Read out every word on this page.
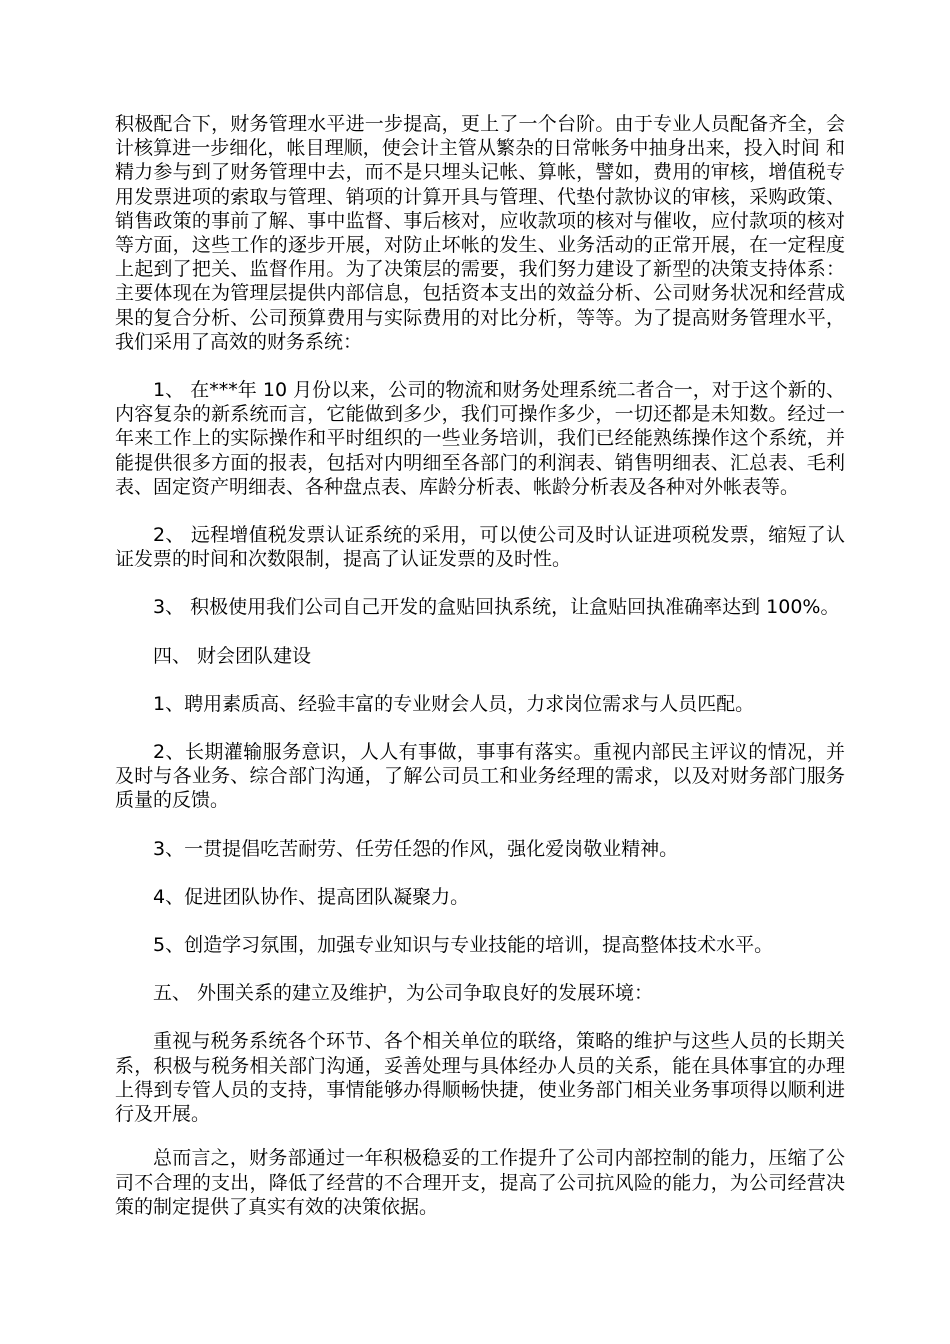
积极配合下，财务管理水平进一步提高，更上了一个台阶。由于专业人员配备齐全，会计核算进一步细化，帐目理顺，使会计主管从繁杂的日常帐务中抽身出来，投入时间 和精力参与到了财务管理中去，而不是只埋头记帐、算帐，譬如，费用的审核，增值税专用发票进项的索取与管理、销项的计算开具与管理、代垫付款协议的审核，采购政策、销售政策的事前了解、事中监督、事后核对，应收款项的核对与催收，应付款项的核对等方面，这些工作的逐步开展，对防止坏帐的发生、业务活动的正常开展，在一定程度上起到了把关、监督作用。为了决策层的需要，我们努力建设了新型的决策支持体系：主要体现在为管理层提供内部信息，包括资本支出的效益分析、公司财务状况和经营成果的复合分析、公司预算费用与实际费用的对比分析，等等。为了提高财务管理水平，我们采用了高效的财务系统：

1、 在***年 10 月份以来，公司的物流和财务处理系统二者合一，对于这个新的、内容复杂的新系统而言，它能做到多少，我们可操作多少，一切还都是未知数。经过一年来工作上的实际操作和平时组织的一些业务培训，我们已经能熟练操作这个系统，并能提供很多方面的报表，包括对内明细至各部门的利润表、销售明细表、汇总表、毛利表、固定资产明细表、各种盘点表、库龄分析表、帐龄分析表及各种对外帐表等。

2、 远程增值税发票认证系统的采用，可以使公司及时认证进项税发票，缩短了认证发票的时间和次数限制，提高了认证发票的及时性。

3、 积极使用我们公司自己开发的盒贴回执系统，让盒贴回执准确率达到 100%。

四、 财会团队建设

1、聘用素质高、经验丰富的专业财会人员，力求岗位需求与人员匹配。

2、长期灌输服务意识，人人有事做，事事有落实。重视内部民主评议的情况，并及时与各业务、综合部门沟通，了解公司员工和业务经理的需求，以及对财务部门服务质量的反馈。

3、一贯提倡吃苦耐劳、任劳任怨的作风，强化爱岗敬业精神。

4、促进团队协作、提高团队凝聚力。

5、创造学习氛围，加强专业知识与专业技能的培训，提高整体技术水平。

五、 外围关系的建立及维护，为公司争取良好的发展环境：

重视与税务系统各个环节、各个相关单位的联络，策略的维护与这些人员的长期关系，积极与税务相关部门沟通，妥善处理与具体经办人员的关系，能在具体事宜的办理上得到专管人员的支持，事情能够办得顺畅快捷，使业务部门相关业务事项得以顺利进行及开展。

总而言之，财务部通过一年积极稳妥的工作提升了公司内部控制的能力，压缩了公司不合理的支出，降低了经营的不合理开支，提高了公司抗风险的能力，为公司经营决策的制定提供了真实有效的决策依据。
